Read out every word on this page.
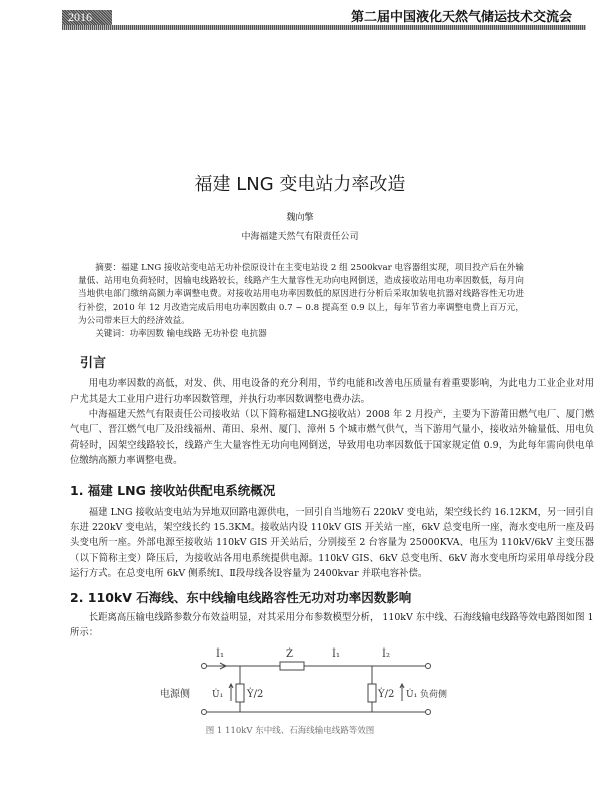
2016	第二届中国液化天然气储运技术交流会
福建 LNG 变电站力率改造
魏向擎
中海福建天然气有限责任公司

摘要：福建 LNG 接收站变电站无功补偿原设计在主变电站设 2 组 2500kvar 电容器组实现，项目投产后在外输量低、站用电负荷轻时，因输电线路较长，线路产生大量容性无功向电网倒送，造成接收站用电功率因数低，每月向当地供电部门缴纳高额力率调整电费。对接收站用电功率因数低的原因进行分析后采取加装电抗器对线路容性无功进行补偿，2010 年 12 月改造完成后用电功率因数由 0.7 ~ 0.8 提高至 0.9 以上，每年节省力率调整电费上百万元，为公司带来巨大的经济效益。

关键词：功率因数 输电线路 无功补偿 电抗器
引言

用电功率因数的高低，对发、供、用电设备的充分利用，节约电能和改善电压质量有着重要影响，为此电力工业企业对用户尤其是大工业用户进行功率因数管理，并执行功率因数调整电费办法。

中海福建天然气有限责任公司接收站（以下简称福建LNG接收站）2008 年 2 月投产，主要为下游莆田燃气电厂、厦门燃气电厂、晋江燃气电厂及沿线福州、莆田、泉州、厦门、漳州 5 个城市燃气供气，当下游用气量小，接收站外输量低、用电负荷轻时，因架空线路较长，线路产生大量容性无功向电网倒送，导致用电功率因数低于国家规定值 0.9，为此每年需向供电单位缴纳高额力率调整电费。

1. 福建 LNG 接收站供配电系统概况

福建 LNG 接收站变电站为异地双回路电源供电，一回引自当地笏石 220kV 变电站，架空线长约 16.12KM，另一回引自东进 220kV 变电站，架空线长约 15.3KM。接收站内设 110kV GIS 开关站一座，6kV 总变电所一座，海水变电所一座及码头变电所一座。外部电源至接收站 110kV GIS 开关站后，分别接至 2 台容量为 25000KVA、电压为 110kV/6kV 主变压器（以下简称主变）降压后，为接收站各用电系统提供电源。110kV GIS、6kV 总变电所、6kV 海水变电所均采用单母线分段运行方式。在总变电所 6kV 侧系统Ⅰ、Ⅱ段母线各设容量为 2400kvar 并联电容补偿。

2. 110kV 石海线、东中线输电线路容性无功对功率因数影响

长距离高压输电线路参数分布效益明显，对其采用分布参数模型分析， 110kV 东中线、石海线输电线路等效电路图如图 1 所示：

İ₁	Ż	İ₁	İ₂
电源侧 U̇₁ Ẏ/2	Ẏ/2 U̇₁ 负荷侧
图 1 110kV 东中线、石海线输电线路等效图
